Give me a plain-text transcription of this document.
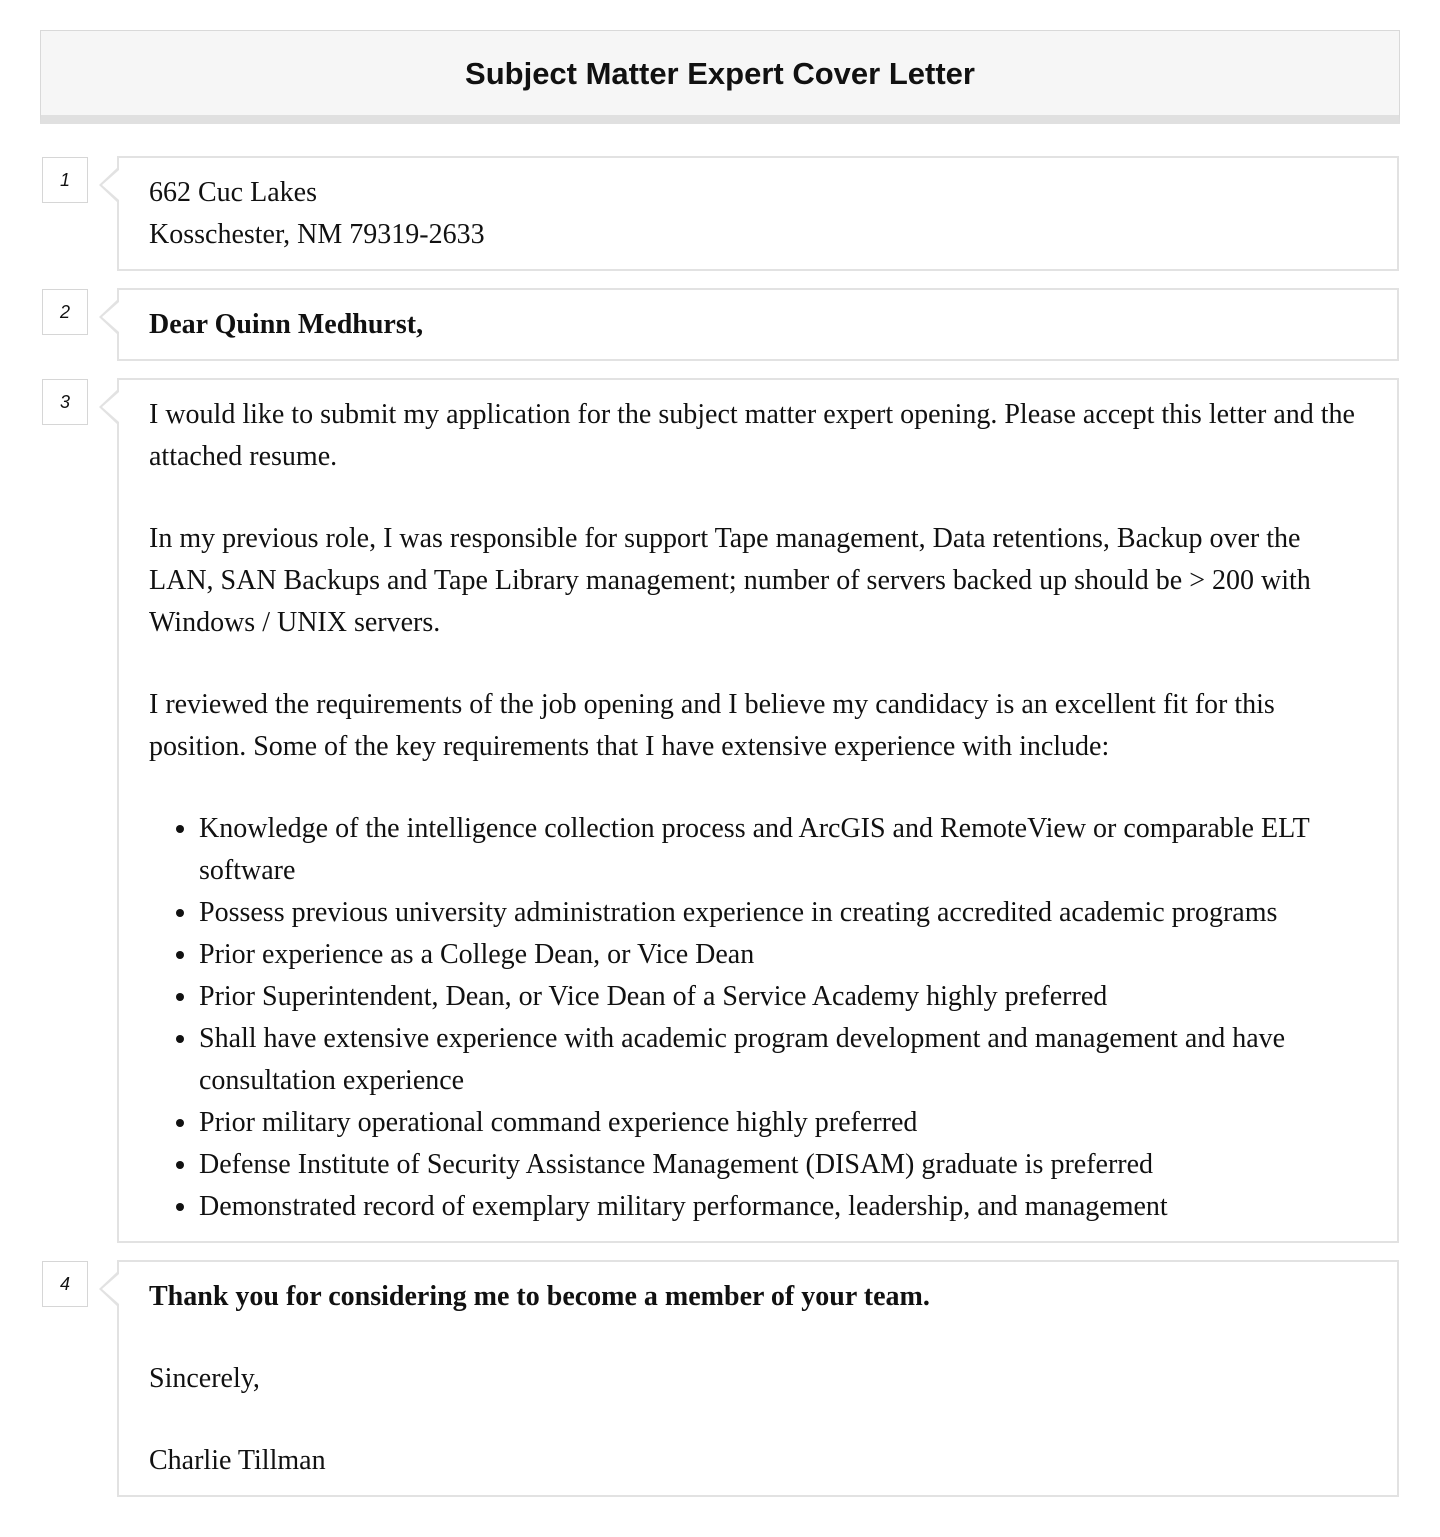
Subject Matter Expert Cover Letter
1	662 Cuc Lakes

Kosschester, NM 79319-2633

2	Dear Quinn Medhurst,

3	I would like to submit my application for the subject matter expert opening. Please accept this letter and the attached resume.

In my previous role, I was responsible for support Tape management, Data retentions, Backup over the LAN, SAN Backups and Tape Library management; number of servers backed up should be > 200 with Windows / UNIX servers.

I reviewed the requirements of the job opening and I believe my candidacy is an excellent fit for this position. Some of the key requirements that I have extensive experience with include:

• Knowledge of the intelligence collection process and ArcGIS and RemoteView or comparable ELT software
• Possess previous university administration experience in creating accredited academic programs
• Prior experience as a College Dean, or Vice Dean
• Prior Superintendent, Dean, or Vice Dean of a Service Academy highly preferred
• Shall have extensive experience with academic program development and management and have consultation experience
• Prior military operational command experience highly preferred
• Defense Institute of Security Assistance Management (DISAM) graduate is preferred
• Demonstrated record of exemplary military performance, leadership, and management
4	Thank you for considering me to become a member of your team.

Sincerely,

Charlie Tillman
